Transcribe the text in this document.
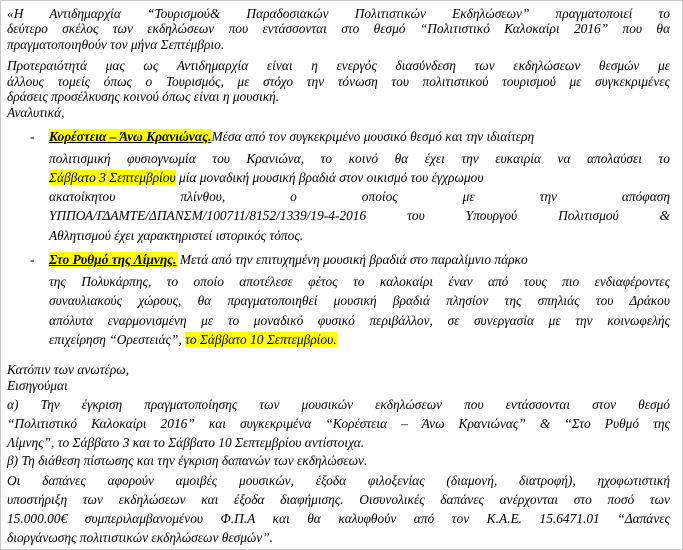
«Η Αντιδημαρχία “Τουρισμού& Παραδοσιακών Πολιτιστικών Εκδηλώσεων” πραγματοποιεί το
δεύτερο σκέλος των εκδηλώσεων που εντάσσονται στο θεσμό “Πολιτιστικό Καλοκαίρι 2016” που θα
πραγματοποιηθούν τον μήνα Σεπτέμβριο.
Προτεραιότητά μας ως Αντιδημαρχία είναι η ενεργός διασύνδεση των εκδηλώσεων θεσμών με
άλλους τομείς όπως ο Τουρισμός, με στόχο την τόνωση του πολιτιστικού τουρισμού με συγκεκριμένες
δράσεις προσέλκυσης κοινού όπως είναι η μουσική.
Αναλυτικά,
- Κορέστεια – Άνω Κρανιώνας.Μέσα από τον συγκεκριμένο μουσικό θεσμό και την ιδιαίτερη
πολιτισμική φυσιογνωμία του Κρανιώνα, το κοινό θα έχει την ευκαιρία να απολαύσει το
Σάββατο 3 Σεπτεμβρίου μία μοναδική μουσική βραδιά στον οικισμό του έγχρωμου
ακατοίκητου πλίνθου, ο οποίος με την απόφαση
ΥΠΠΟΑ/ΓΔΑΜΤΕ/ΔΠΑΝΣΜ/100711/8152/1339/19-4-2016 του Υπουργού Πολιτισμού &
Αθλητισμού έχει χαρακτηριστεί ιστορικός τόπος.
- Στο Ρυθμό της Λίμνης. Μετά από την επιτυχημένη μουσική βραδιά στο παραλίμνιο πάρκο
της Πολυκάρπης, το οποίο αποτέλεσε φέτος το καλοκαίρι έναν από τους πιο ενδιαφέροντες
συναυλιακούς χώρους, θα πραγματοποιηθεί μουσική βραδιά πλησίον της σπηλιάς του Δράκου
απόλυτα εναρμονισμένη με το μοναδικό φυσικό περιβάλλον, σε συνεργασία με την κοινωφελής
επιχείρηση “Ορεστειάς”, το Σάββατο 10 Σεπτεμβρίου.
Κατόπιν των ανωτέρω,
Εισηγούμαι
α) Την έγκριση πραγματοποίησης των μουσικών εκδηλώσεων που εντάσσονται στον θεσμό
“Πολιτιστικό Καλοκαίρι 2016” και συγκεκριμένα “Κορέστεια – Άνω Κρανιώνας” & “Στο Ρυθμό της
Λίμνης”, το Σάββατο 3 και το Σάββατο 10 Σεπτεμβρίου αντίστοιχα.
β) Τη διάθεση πίστωσης και την έγκριση δαπανών των εκδηλώσεων.
Οι δαπάνες αφορούν αμοιβές μουσικών, έξοδα φιλοξενίας (διαμονή, διατροφή), ηχοφωτιστική
υποστήριξη των εκδηλώσεων και έξοδα διαφήμισης. Οισυνολικές δαπάνες ανέρχονται στο ποσό των
15.000.00€ συμπεριλαμβανομένου Φ.Π.Α και θα καλυφθούν από τον Κ.Α.Ε. 15.6471.01 “Δαπάνες
διοργάνωσης πολιτιστικών εκδηλώσεων θεσμών”.
